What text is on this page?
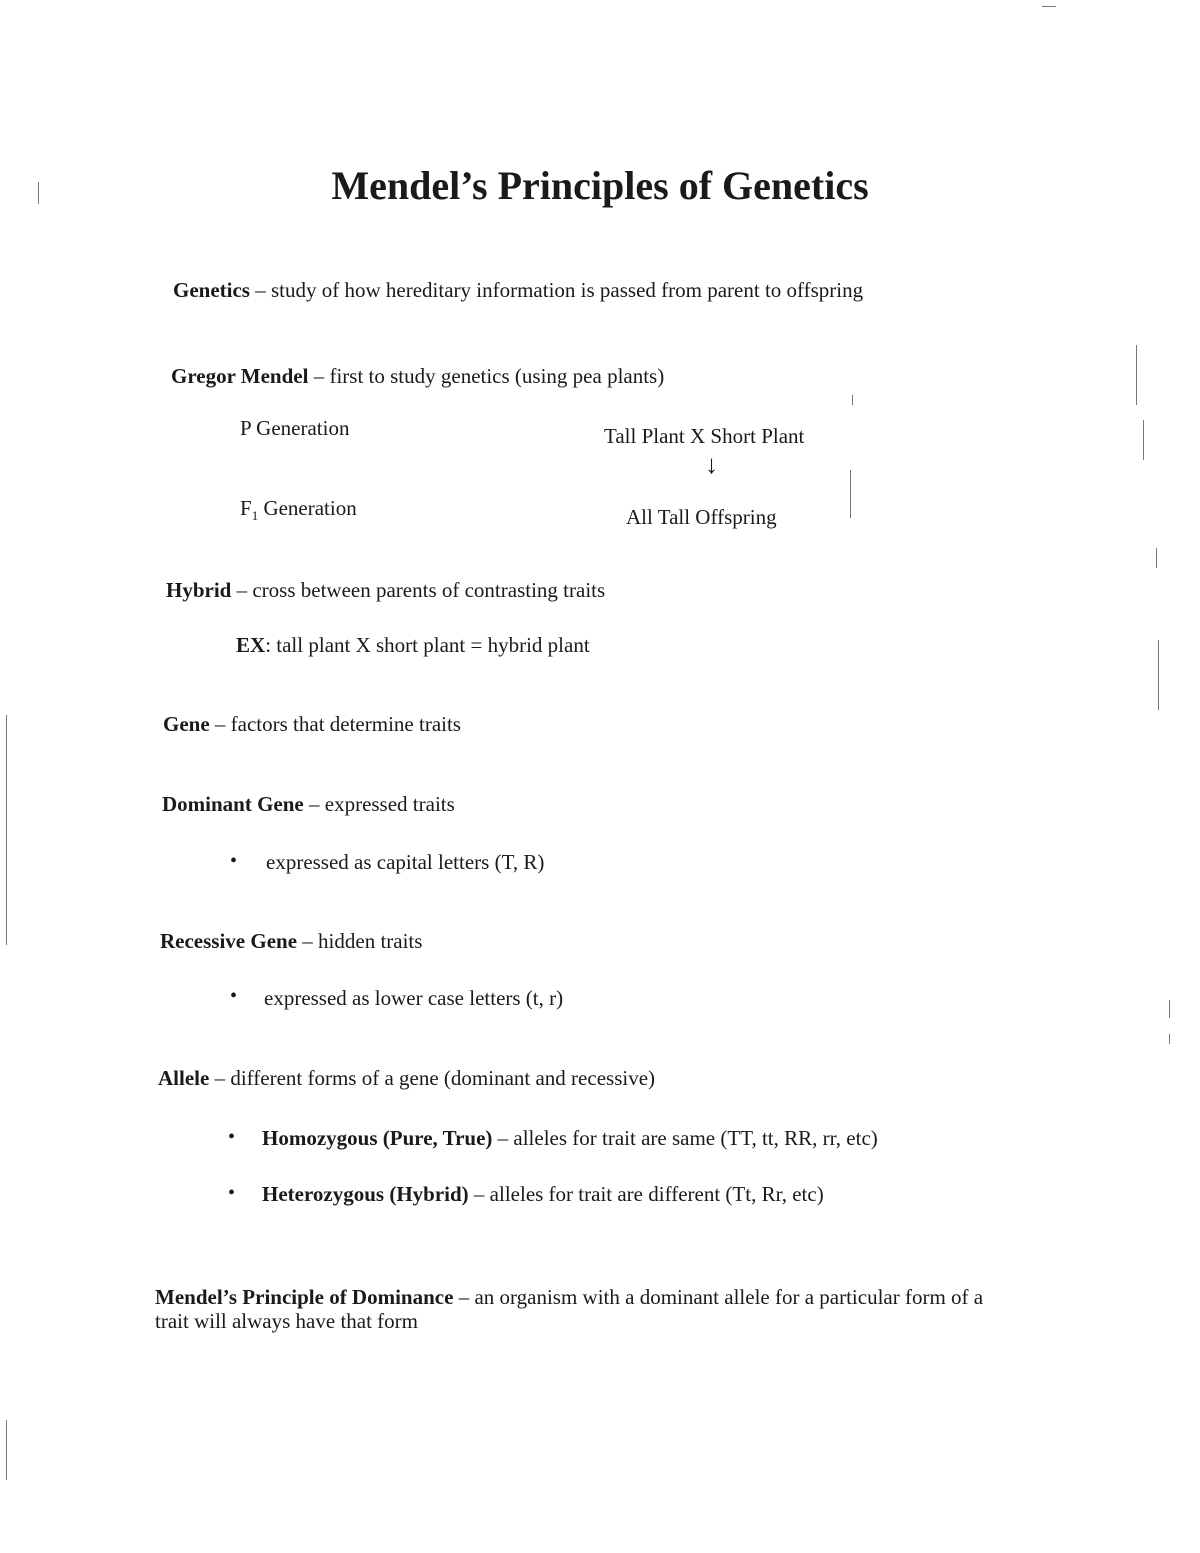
Mendel’s Principles of Genetics

Genetics – study of how hereditary information is passed from parent to offspring

Gregor Mendel – first to study genetics (using pea plants)

P Generation	Tall Plant X Short Plant

↓

$F_1$ Generation	All Tall Offspring

Hybrid – cross between parents of contrasting traits

EX: tall plant X short plant = hybrid plant

Gene – factors that determine traits

Dominant Gene – expressed traits

• expressed as capital letters (T, R)

Recessive Gene – hidden traits

• expressed as lower case letters (t, r)

Allele – different forms of a gene (dominant and recessive)

• Homozygous (Pure, True) – alleles for trait are same (TT, tt, RR, rr, etc)

• Heterozygous (Hybrid) – alleles for trait are different (Tt, Rr, etc)

Mendel’s Principle of Dominance – an organism with a dominant allele for a particular form of a trait will always have that form
